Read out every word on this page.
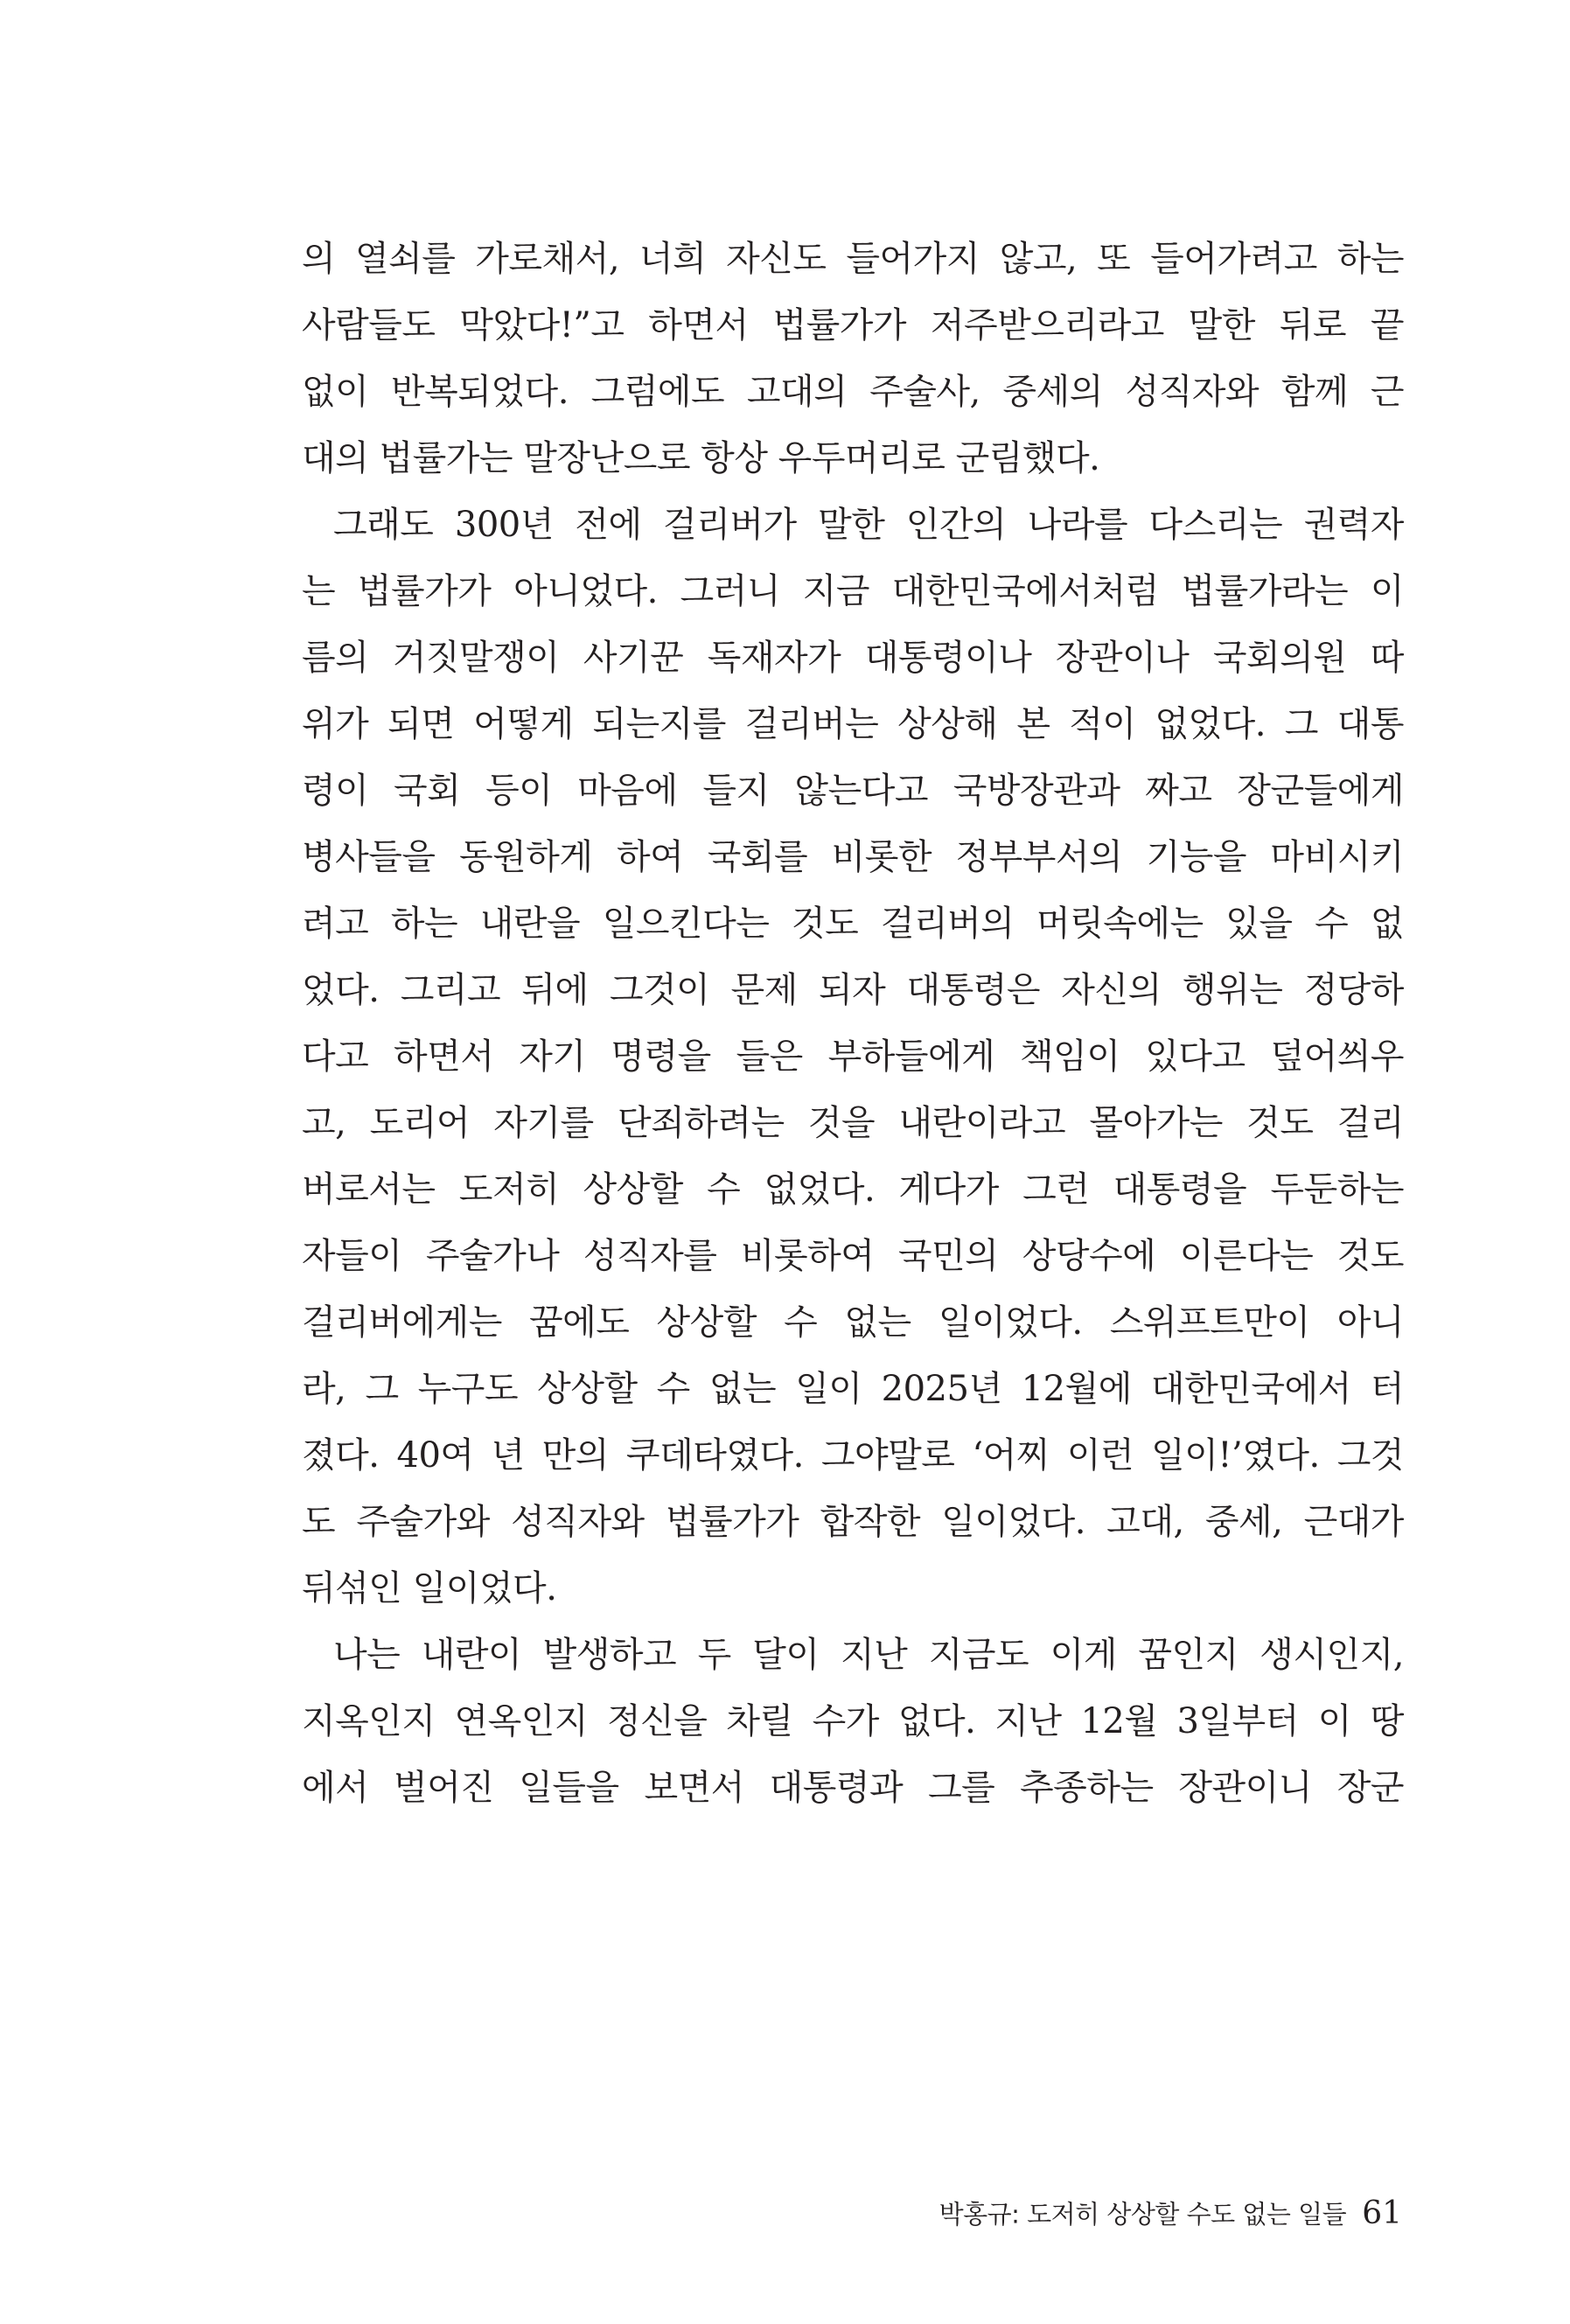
의 열쇠를 가로채서, 너희 자신도 들어가지 않고, 또 들어가려고 하는
사람들도 막았다!”고 하면서 법률가가 저주받으리라고 말한 뒤로 끝
없이 반복되었다. 그럼에도 고대의 주술사, 중세의 성직자와 함께 근
대의 법률가는 말장난으로 항상 우두머리로 군림했다.
그래도 300년 전에 걸리버가 말한 인간의 나라를 다스리는 권력자
는 법률가가 아니었다. 그러니 지금 대한민국에서처럼 법률가라는 이
름의 거짓말쟁이 사기꾼 독재자가 대통령이나 장관이나 국회의원 따
위가 되면 어떻게 되는지를 걸리버는 상상해 본 적이 없었다. 그 대통
령이 국회 등이 마음에 들지 않는다고 국방장관과 짜고 장군들에게
병사들을 동원하게 하여 국회를 비롯한 정부부서의 기능을 마비시키
려고 하는 내란을 일으킨다는 것도 걸리버의 머릿속에는 있을 수 없
었다. 그리고 뒤에 그것이 문제 되자 대통령은 자신의 행위는 정당하
다고 하면서 자기 명령을 들은 부하들에게 책임이 있다고 덮어씌우
고, 도리어 자기를 단죄하려는 것을 내란이라고 몰아가는 것도 걸리
버로서는 도저히 상상할 수 없었다. 게다가 그런 대통령을 두둔하는
자들이 주술가나 성직자를 비롯하여 국민의 상당수에 이른다는 것도
걸리버에게는 꿈에도 상상할 수 없는 일이었다. 스위프트만이 아니
라, 그 누구도 상상할 수 없는 일이 2025년 12월에 대한민국에서 터
졌다. 40여 년 만의 쿠데타였다. 그야말로 ‘어찌 이런 일이!’였다. 그것
도 주술가와 성직자와 법률가가 합작한 일이었다. 고대, 중세, 근대가
뒤섞인 일이었다.
나는 내란이 발생하고 두 달이 지난 지금도 이게 꿈인지 생시인지,
지옥인지 연옥인지 정신을 차릴 수가 없다. 지난 12월 3일부터 이 땅
에서 벌어진 일들을 보면서 대통령과 그를 추종하는 장관이니 장군
박홍규: 도저히 상상할 수도 없는 일들 61
